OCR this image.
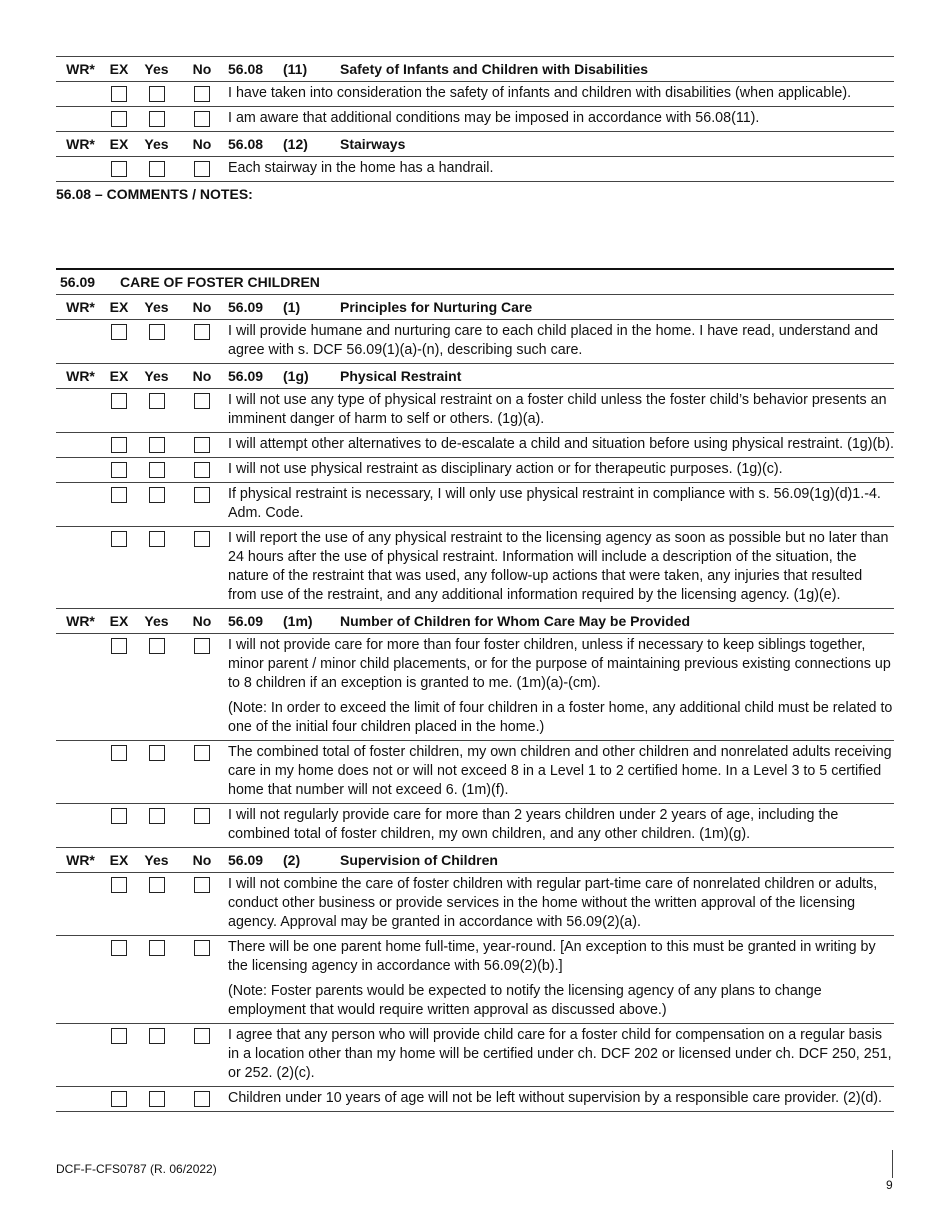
WR*	EX	Yes	No	56.08	(11) Safety of Infants and Children with Disabilities

I have taken into consideration the safety of infants and children with disabilities (when applicable).

I am aware that additional conditions may be imposed in accordance with 56.08(11).

WR*	EX	Yes	No	56.08	(12) Stairways

Each stairway in the home has a handrail.

56.08 – COMMENTS / NOTES:
56.09	CARE OF FOSTER CHILDREN
WR*	EX	Yes	No	56.09	(1)	Principles for Nurturing Care

I will provide humane and nurturing care to each child placed in the home. I have read, understand and agree with s. DCF 56.09(1)(a)-(n), describing such care.

WR*	EX	Yes	No	56.09	(1g) Physical Restraint

I will not use any type of physical restraint on a foster child unless the foster child’s behavior presents an imminent danger of harm to self or others. (1g)(a).

I will attempt other alternatives to de-escalate a child and situation before using physical restraint. (1g)(b).

I will not use physical restraint as disciplinary action or for therapeutic purposes. (1g)(c).

If physical restraint is necessary, I will only use physical restraint in compliance with s. 56.09(1g)(d)1.-4. Adm. Code.

I will report the use of any physical restraint to the licensing agency as soon as possible but no later than 24 hours after the use of physical restraint. Information will include a description of the situation, the nature of the restraint that was used, any follow-up actions that were taken, any injuries that resulted from use of the restraint, and any additional information required by the licensing agency. (1g)(e).

WR*	EX	Yes	No	56.09	(1m) Number of Children for Whom Care May be Provided

I will not provide care for more than four foster children, unless if necessary to keep siblings together, minor parent / minor child placements, or for the purpose of maintaining previous existing connections up to 8 children if an exception is granted to me. (1m)(a)-(cm).

(Note: In order to exceed the limit of four children in a foster home, any additional child must be related to one of the initial four children placed in the home.)

The combined total of foster children, my own children and other children and nonrelated adults receiving care in my home does not or will not exceed 8 in a Level 1 to 2 certified home. In a Level 3 to 5 certified home that number will not exceed 6. (1m)(f).

I will not regularly provide care for more than 2 years children under 2 years of age, including the combined total of foster children, my own children, and any other children. (1m)(g).

WR*	EX	Yes	No	56.09	(2)	Supervision of Children

I will not combine the care of foster children with regular part-time care of nonrelated children or adults, conduct other business or provide services in the home without the written approval of the licensing agency. Approval may be granted in accordance with 56.09(2)(a).

There will be one parent home full-time, year-round. [An exception to this must be granted in writing by the licensing agency in accordance with 56.09(2)(b).]

(Note: Foster parents would be expected to notify the licensing agency of any plans to change employment that would require written approval as discussed above.)

I agree that any person who will provide child care for a foster child for compensation on a regular basis in a location other than my home will be certified under ch. DCF 202 or licensed under ch. DCF 250, 251, or 252. (2)(c).

Children under 10 years of age will not be left without supervision by a responsible care provider. (2)(d).

DCF-F-CFS0787 (R. 06/2022)
9
